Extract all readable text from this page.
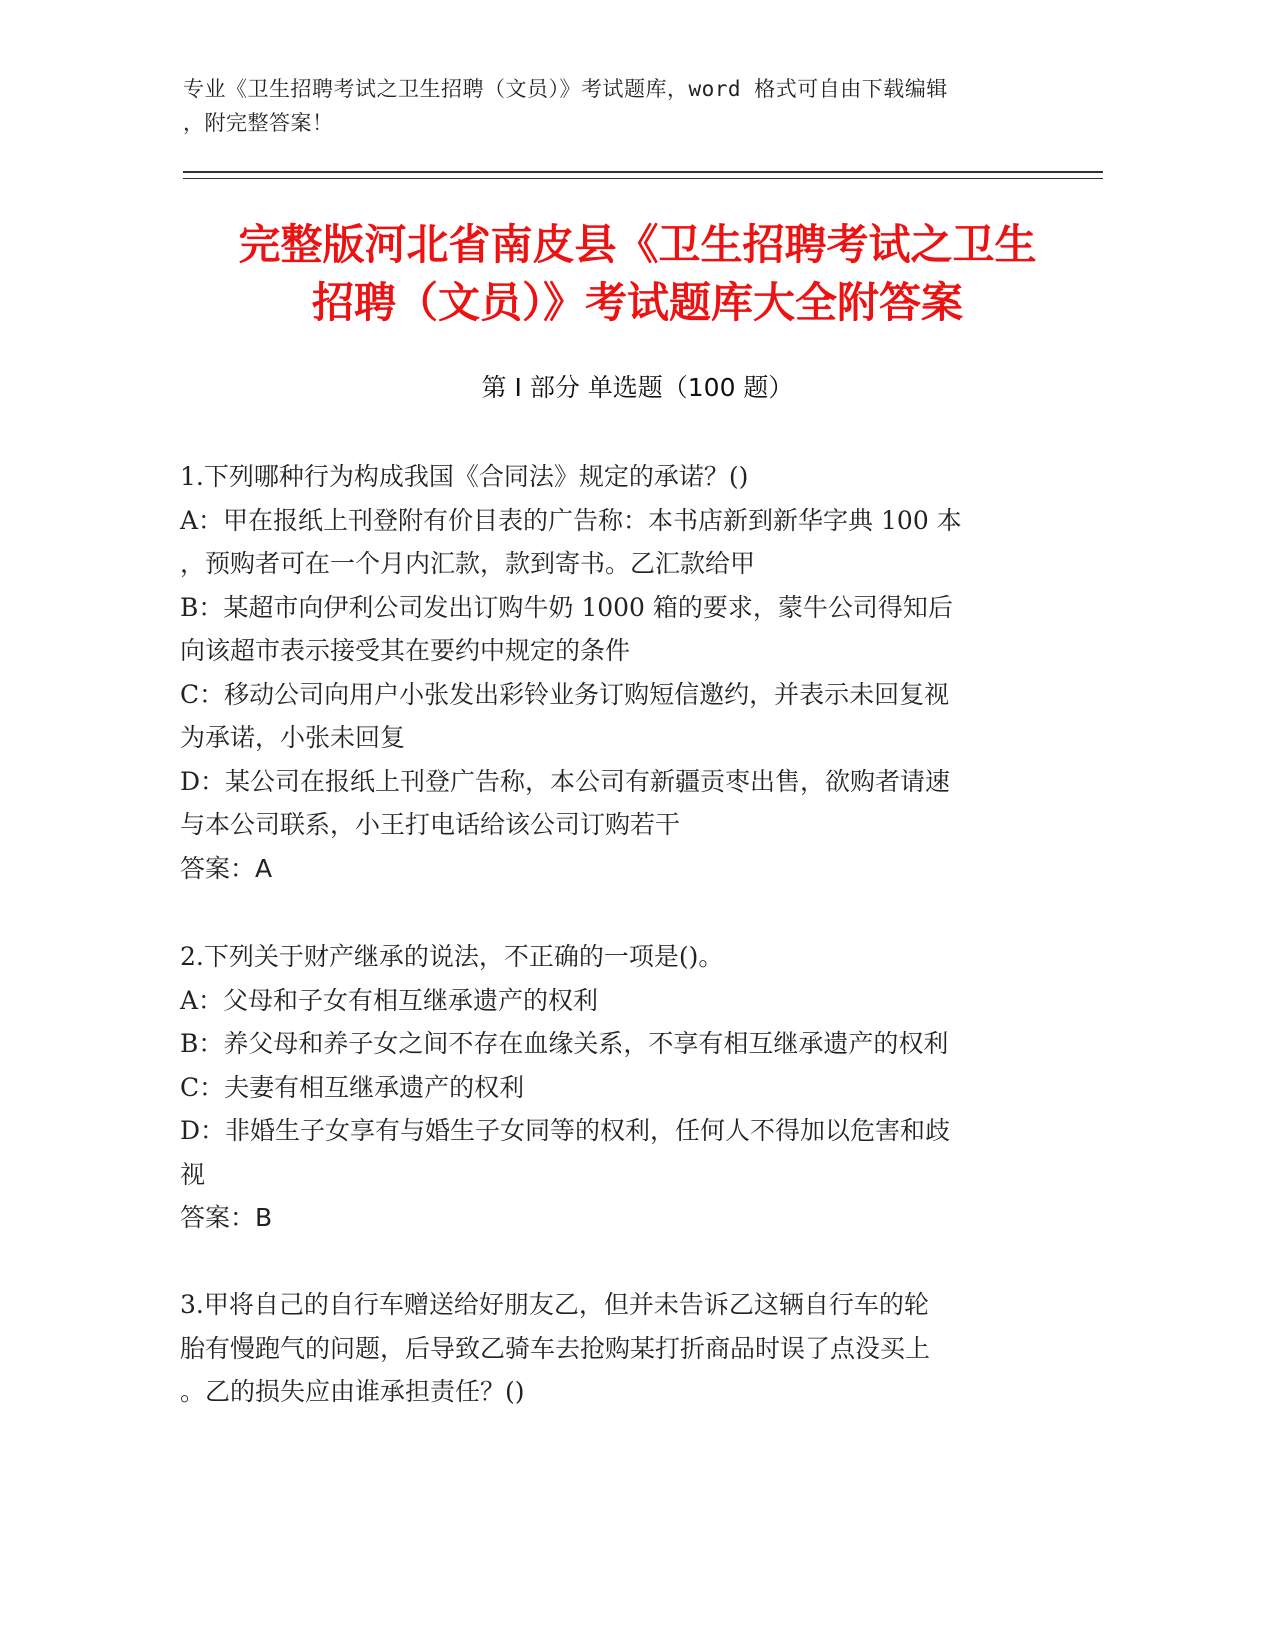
专业《卫生招聘考试之卫生招聘（文员）》考试题库，word 格式可自由下载编辑
，附完整答案！
完整版河北省南皮县《卫生招聘考试之卫生
招聘（文员）》考试题库大全附答案
第 I 部分 单选题（100 题）
1.下列哪种行为构成我国《合同法》规定的承诺？()
A：甲在报纸上刊登附有价目表的广告称：本书店新到新华字典 100 本
，预购者可在一个月内汇款，款到寄书。乙汇款给甲
B：某超市向伊利公司发出订购牛奶 1000 箱的要求，蒙牛公司得知后
向该超市表示接受其在要约中规定的条件
C：移动公司向用户小张发出彩铃业务订购短信邀约，并表示未回复视
为承诺，小张未回复
D：某公司在报纸上刊登广告称，本公司有新疆贡枣出售，欲购者请速
与本公司联系，小王打电话给该公司订购若干
答案：A
2.下列关于财产继承的说法，不正确的一项是()。
A：父母和子女有相互继承遗产的权利
B：养父母和养子女之间不存在血缘关系，不享有相互继承遗产的权利
C：夫妻有相互继承遗产的权利
D：非婚生子女享有与婚生子女同等的权利，任何人不得加以危害和歧
视
答案：B
3.甲将自己的自行车赠送给好朋友乙，但并未告诉乙这辆自行车的轮
胎有慢跑气的问题，后导致乙骑车去抢购某打折商品时误了点没买上
。乙的损失应由谁承担责任？()
